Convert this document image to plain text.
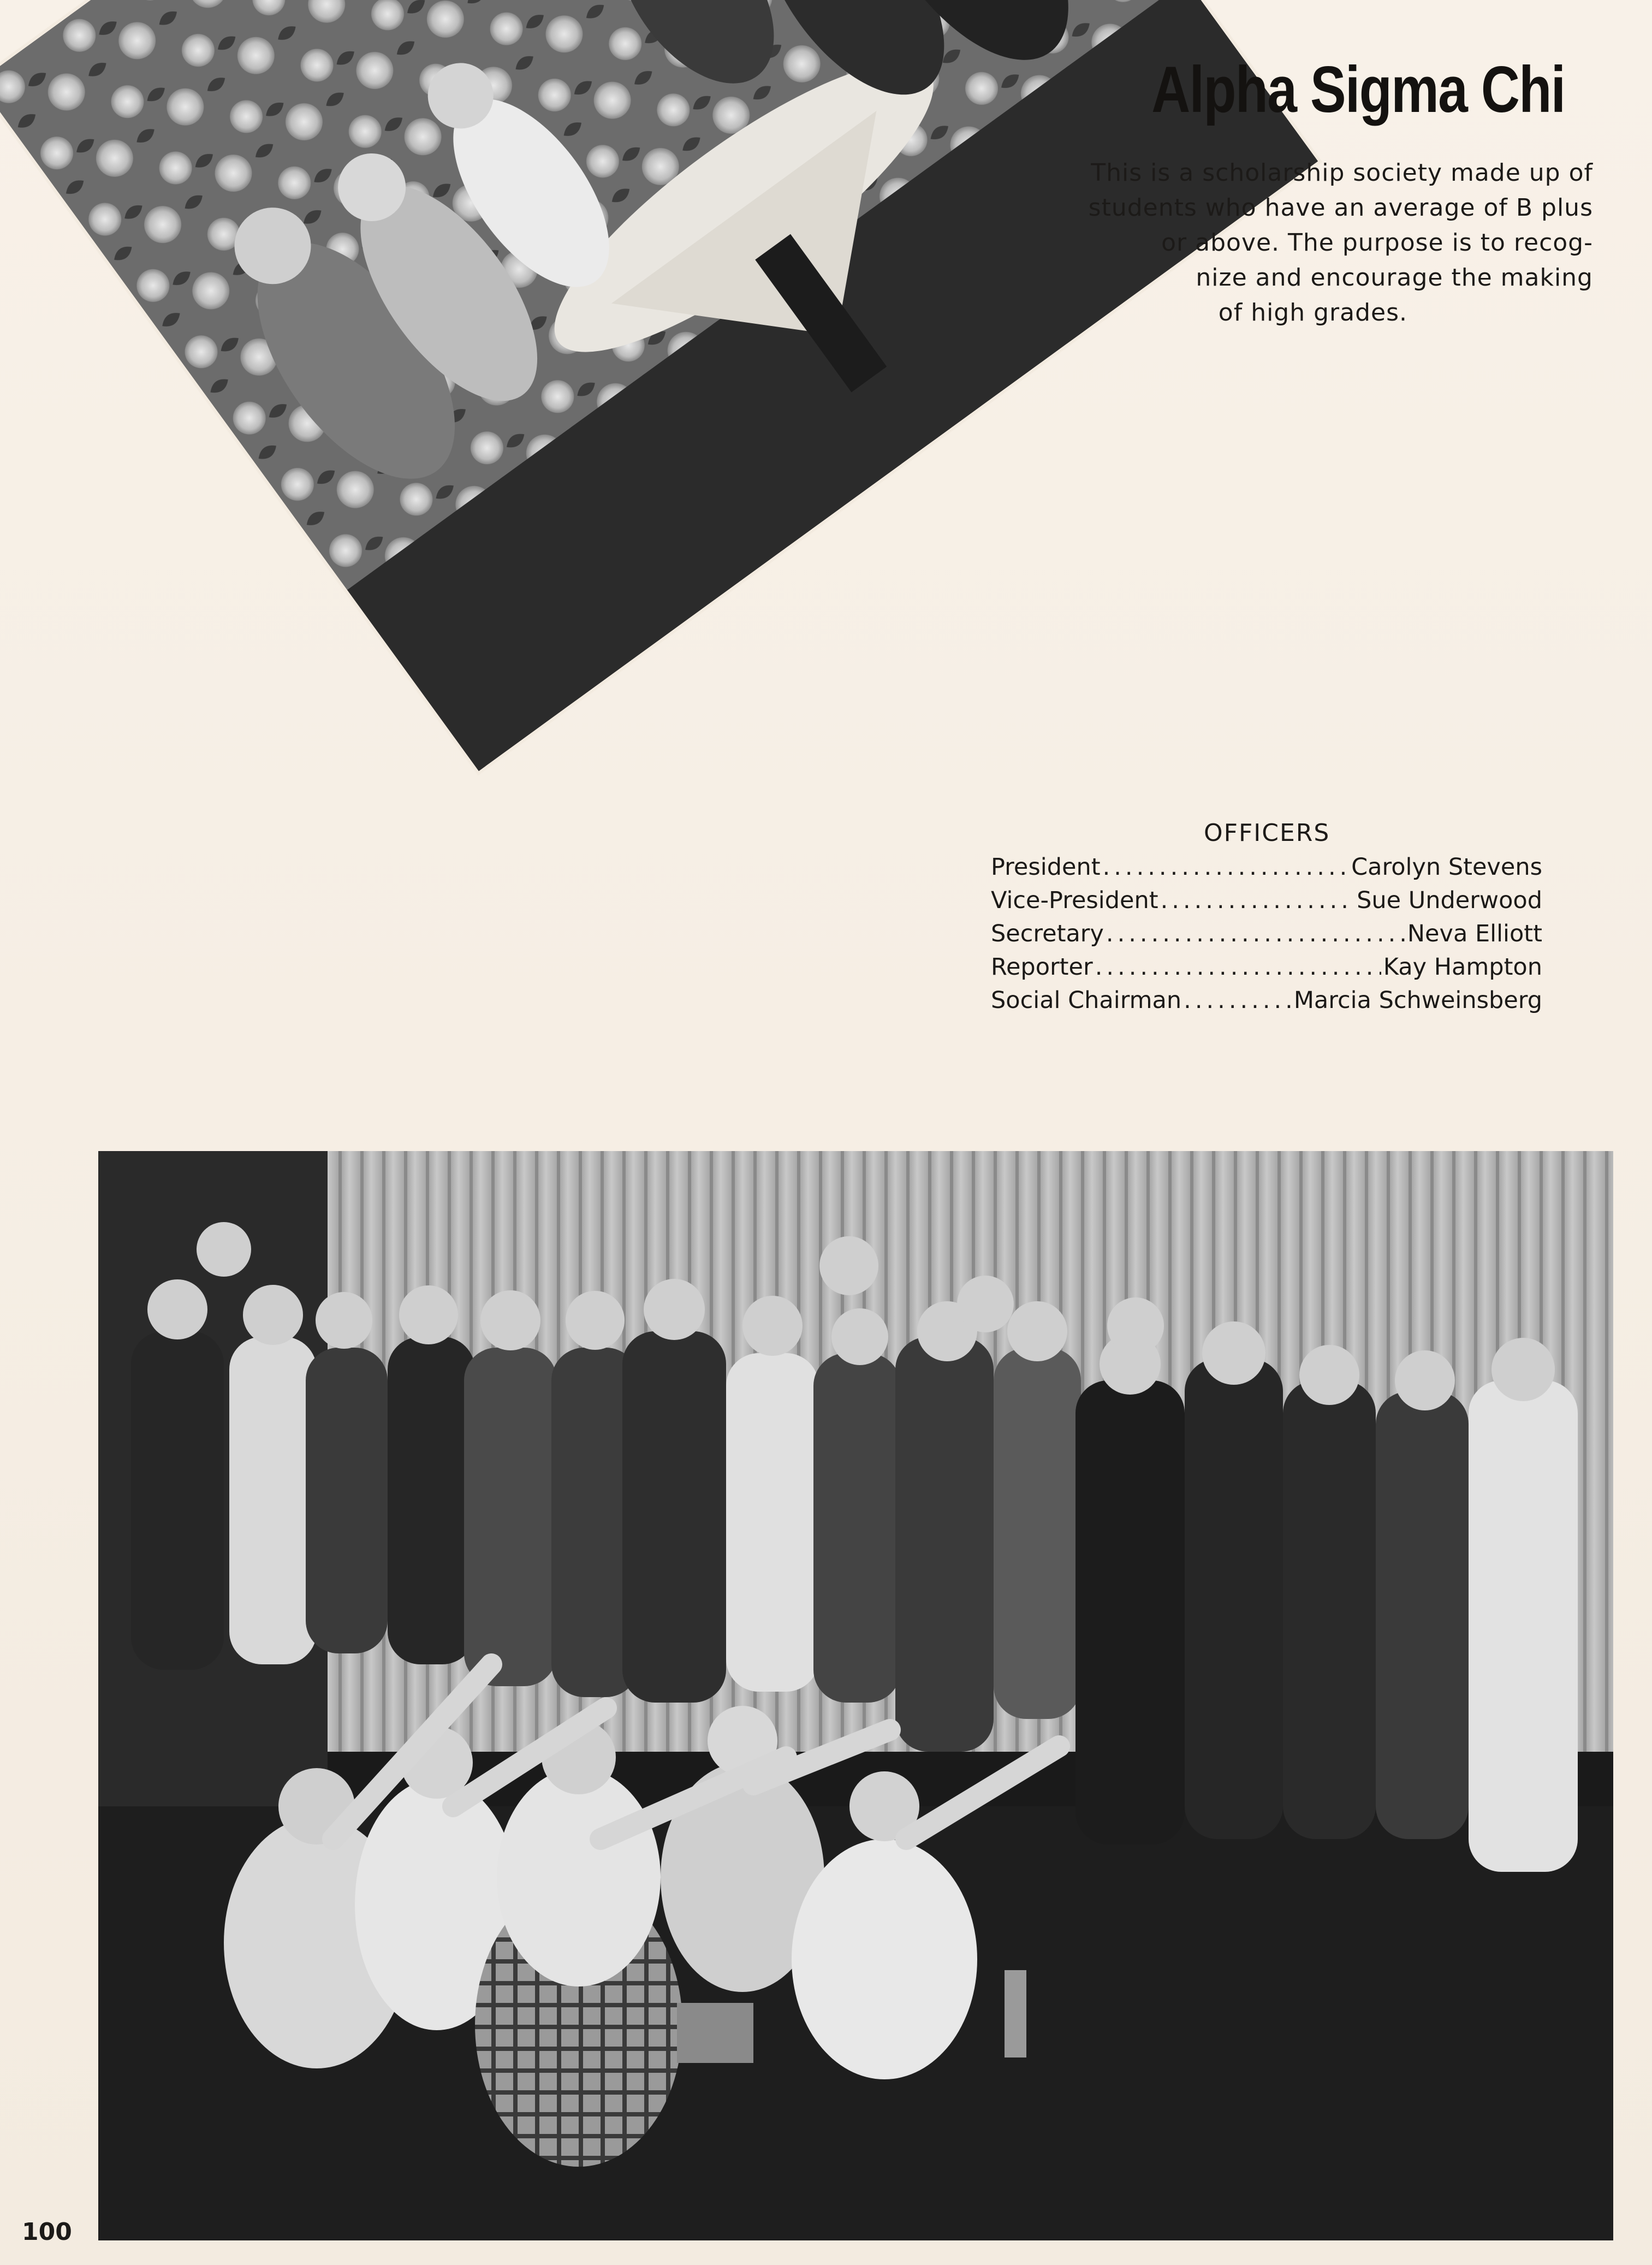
Alpha Sigma Chi
This is a scholarship society made up of
students who have an average of B plus
or above. The purpose is to recog-
nize and encourage the making
of high grades.
OFFICERS
President .....	Carolyn Stevens
Vice-President .....	Sue Underwood
Secretary .....	Neva Elliott
Reporter .....	Kay Hampton
Social Chairman .....	Marcia Schweinsberg
100
